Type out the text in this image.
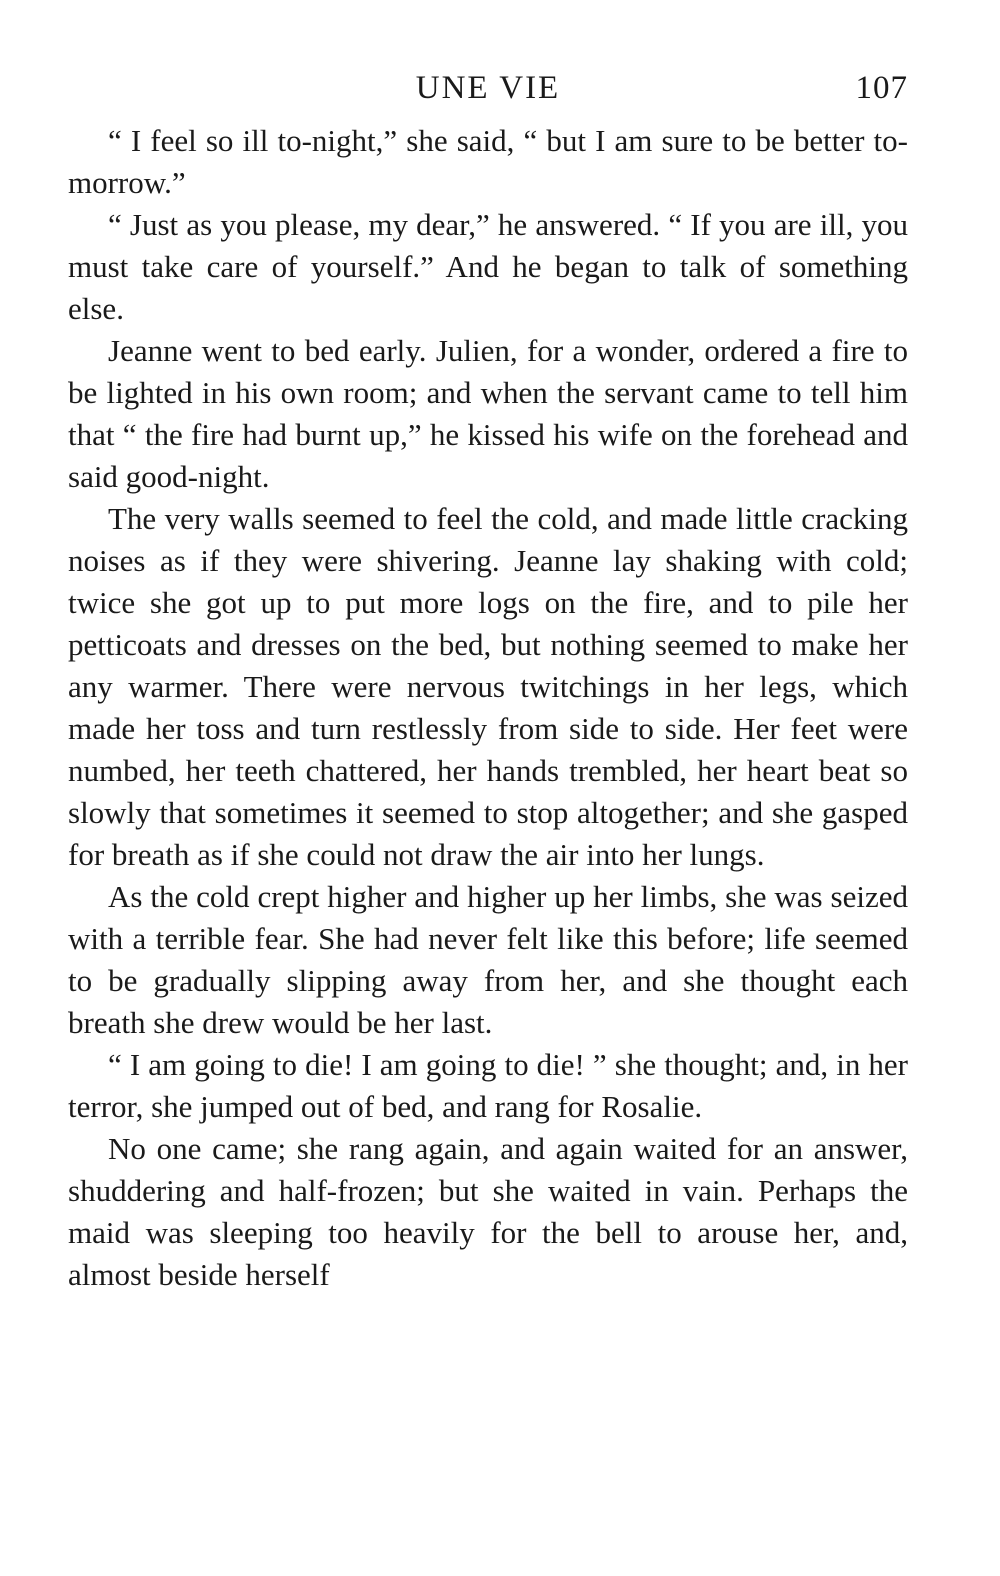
UNE VIE	107

“ I feel so ill to-night,” she said, “ but I am sure to be better to-morrow.”

“ Just as you please, my dear,” he answered. “ If you are ill, you must take care of yourself.” And he began to talk of something else.

Jeanne went to bed early. Julien, for a wonder, ordered a fire to be lighted in his own room; and when the servant came to tell him that “ the fire had burnt up,” he kissed his wife on the forehead and said good-night.

The very walls seemed to feel the cold, and made little cracking noises as if they were shivering. Jeanne lay shaking with cold; twice she got up to put more logs on the fire, and to pile her petticoats and dresses on the bed, but nothing seemed to make her any warmer. There were nervous twitchings in her legs, which made her toss and turn restlessly from side to side. Her feet were numbed, her teeth chattered, her hands trembled, her heart beat so slowly that sometimes it seemed to stop altogether; and she gasped for breath as if she could not draw the air into her lungs.

As the cold crept higher and higher up her limbs, she was seized with a terrible fear. She had never felt like this before; life seemed to be gradually slipping away from her, and she thought each breath she drew would be her last.

“ I am going to die! I am going to die! ” she thought; and, in her terror, she jumped out of bed, and rang for Rosalie.

No one came; she rang again, and again waited for an answer, shuddering and half-frozen; but she waited in vain. Perhaps the maid was sleeping too heavily for the bell to arouse her, and, almost beside herself
